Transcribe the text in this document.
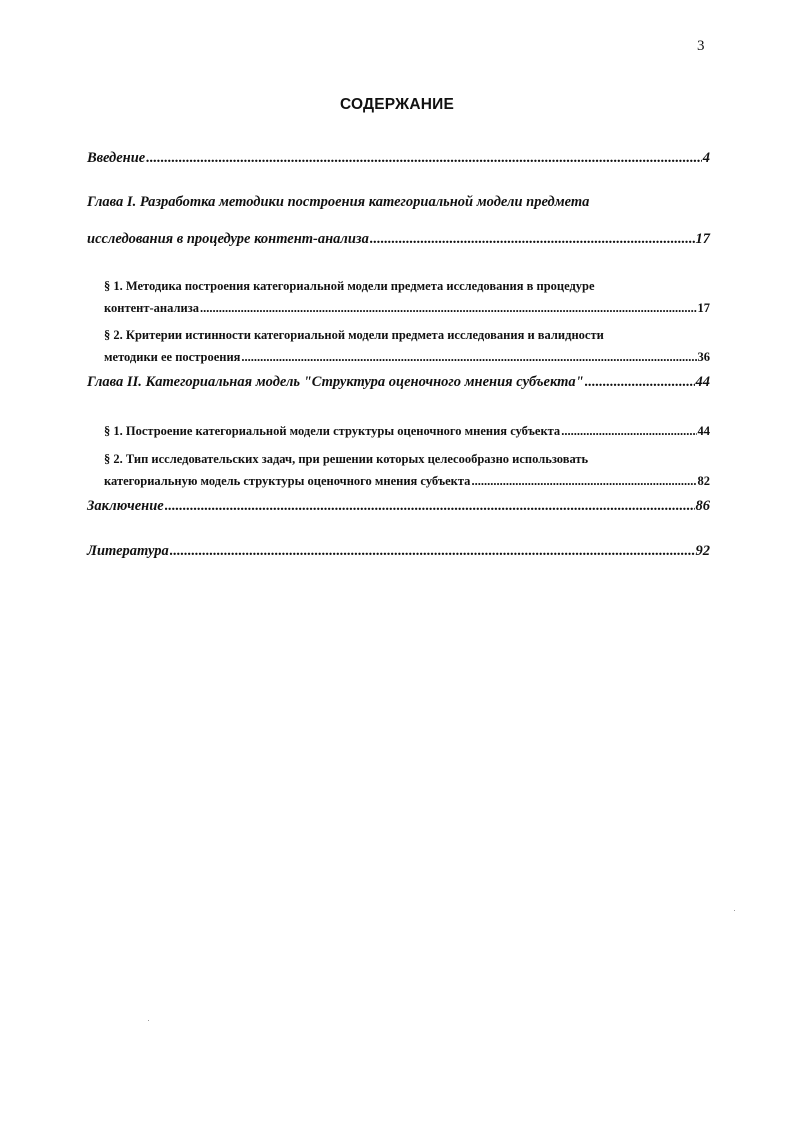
3
СОДЕРЖАНИЕ
Введение .....	4
Глава I. Разработка методики построения категориальной модели предмета
исследования в процедуре контент-анализа .....	17
§ 1. Методика построения категориальной модели предмета исследования в процедуре
контент-анализа .....	17
§ 2. Критерии истинности категориальной модели предмета исследования и валидности
методики ее построения .....	36
Глава II. Категориальная модель "Структура оценочного мнения субъекта" .....	44
§ 1. Построение категориальной модели структуры оценочного мнения субъекта .....	44
§ 2. Тип исследовательских задач, при решении которых целесообразно использовать
категориальную модель структуры оценочного мнения субъекта .....	82
Заключение .....	86
Литература .....	92
